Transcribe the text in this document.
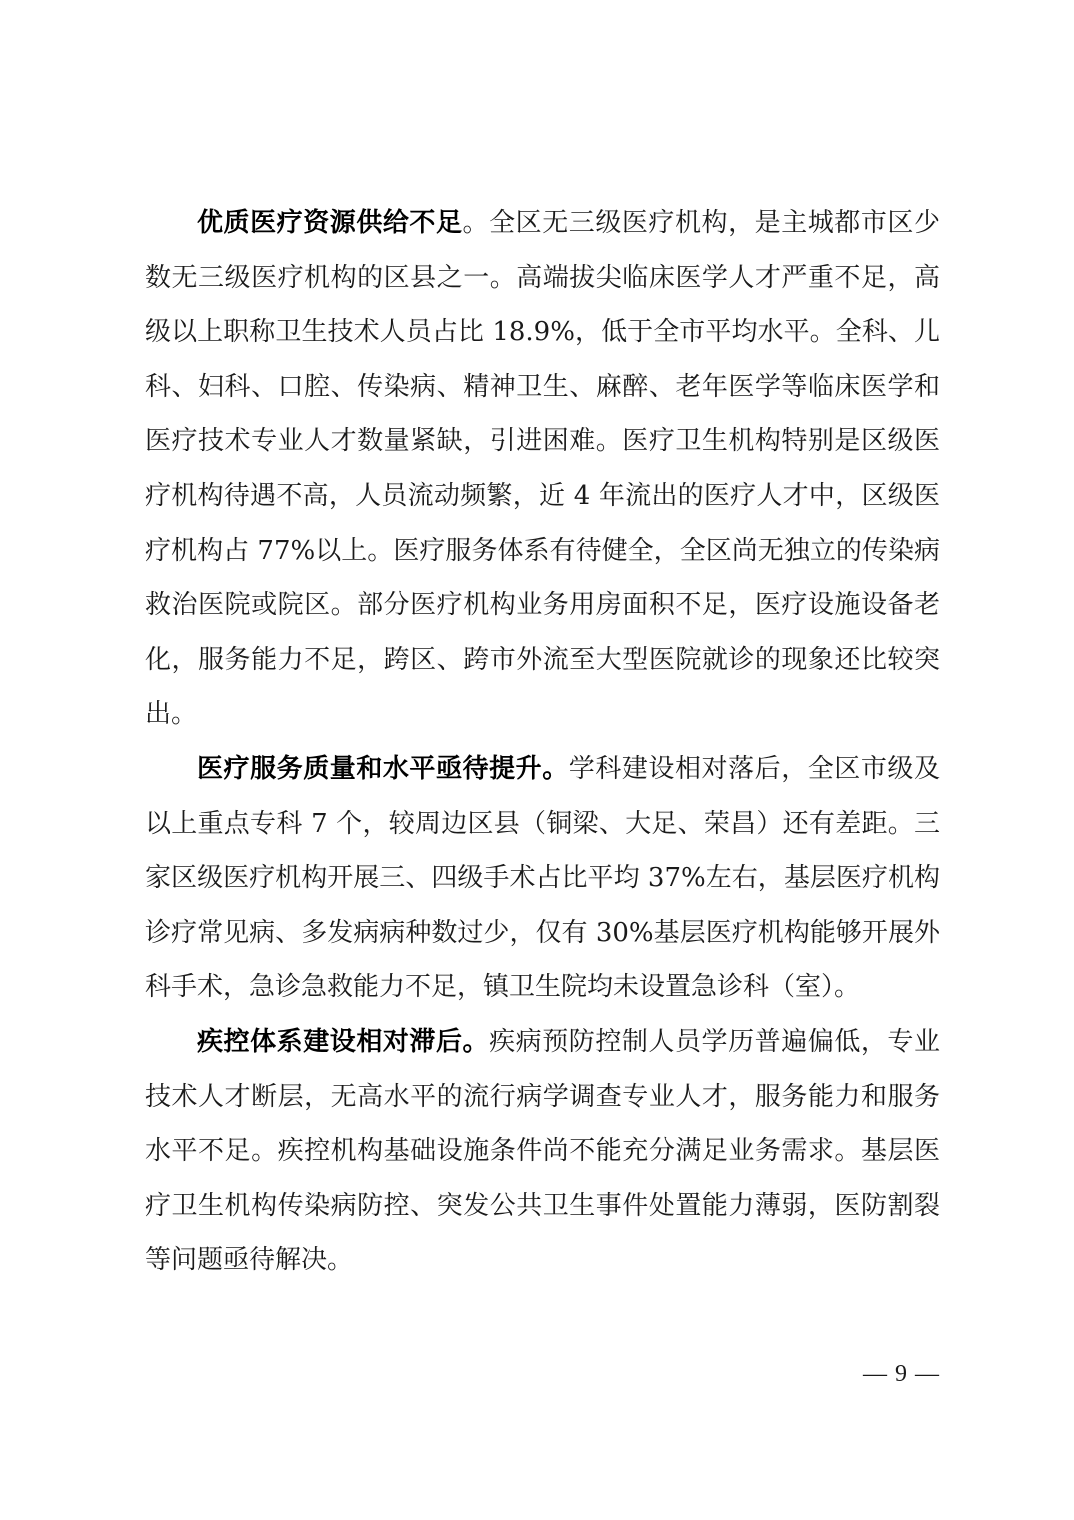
优质医疗资源供给不足。全区无三级医疗机构，是主城都市区少数无三级医疗机构的区县之一。高端拔尖临床医学人才严重不足，高级以上职称卫生技术人员占比 18.9%，低于全市平均水平。全科、儿科、妇科、口腔、传染病、精神卫生、麻醉、老年医学等临床医学和医疗技术专业人才数量紧缺，引进困难。医疗卫生机构特别是区级医疗机构待遇不高，人员流动频繁，近 4 年流出的医疗人才中，区级医疗机构占 77%以上。医疗服务体系有待健全，全区尚无独立的传染病救治医院或院区。部分医疗机构业务用房面积不足，医疗设施设备老化，服务能力不足，跨区、跨市外流至大型医院就诊的现象还比较突出。

医疗服务质量和水平亟待提升。学科建设相对落后，全区市级及以上重点专科 7 个，较周边区县（铜梁、大足、荣昌）还有差距。三家区级医疗机构开展三、四级手术占比平均 37%左右，基层医疗机构诊疗常见病、多发病病种数过少，仅有 30%基层医疗机构能够开展外科手术，急诊急救能力不足，镇卫生院均未设置急诊科（室）。

疾控体系建设相对滞后。疾病预防控制人员学历普遍偏低，专业技术人才断层，无高水平的流行病学调查专业人才，服务能力和服务水平不足。疾控机构基础设施条件尚不能充分满足业务需求。基层医疗卫生机构传染病防控、突发公共卫生事件处置能力薄弱，医防割裂等问题亟待解决。

— 9 —
